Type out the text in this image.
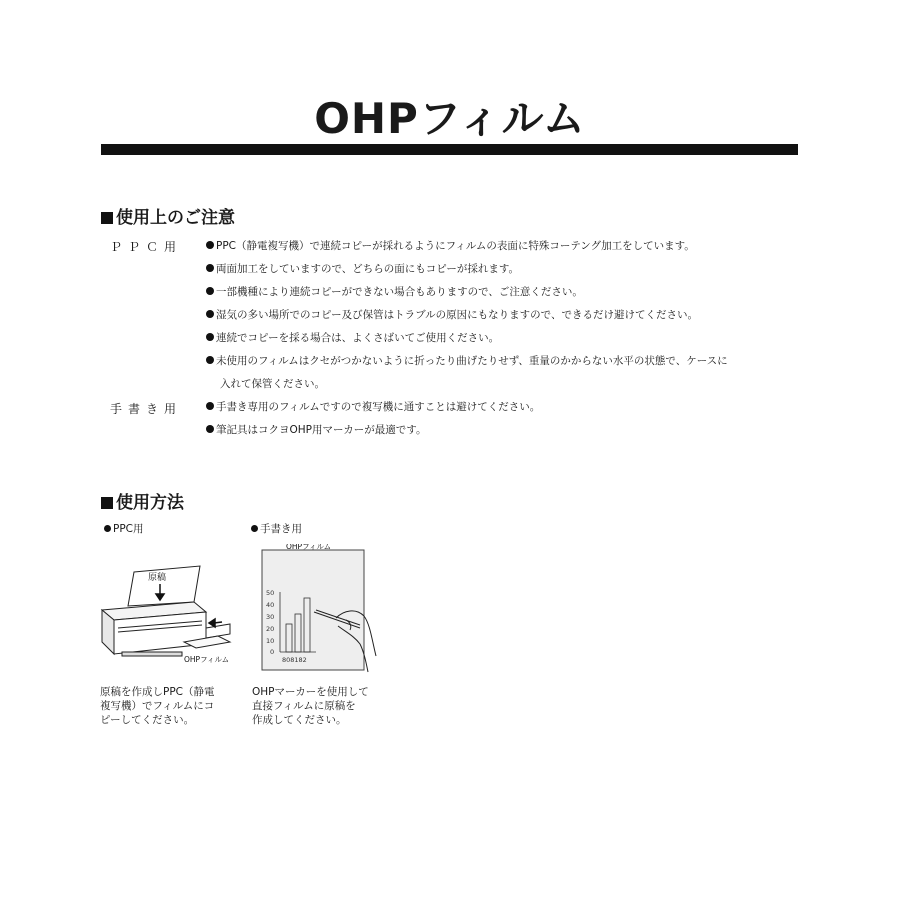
OHPフィルム
使用上のご注意
ＰＰＣ用	PPC（静電複写機）で連続コピーが採れるようにフィルムの表面に特殊コーテング加工をしています。
両面加工をしていますので、どちらの面にもコピーが採れます。
一部機種により連続コピーができない場合もありますので、ご注意ください。
湿気の多い場所でのコピー及び保管はトラブルの原因にもなりますので、できるだけ避けてください。
連続でコピーを採る場合は、よくさばいてご使用ください。
未使用のフィルムはクセがつかないように折ったり曲げたりせず、重量のかからない水平の状態で、ケースに
入れて保管ください。
手書き用	手書き専用のフィルムですので複写機に通すことは避けてください。
筆記具はコクヨOHP用マーカーが最適です。
使用方法
PPC用	手書き用
原稿
OHPフィルム
OHPフィルム
50
40
30
20
10
0
808182
原稿を作成しPPC（静電
複写機）でフィルムにコ
ピーしてください。
OHPマーカーを使用して
直接フィルムに原稿を
作成してください。
